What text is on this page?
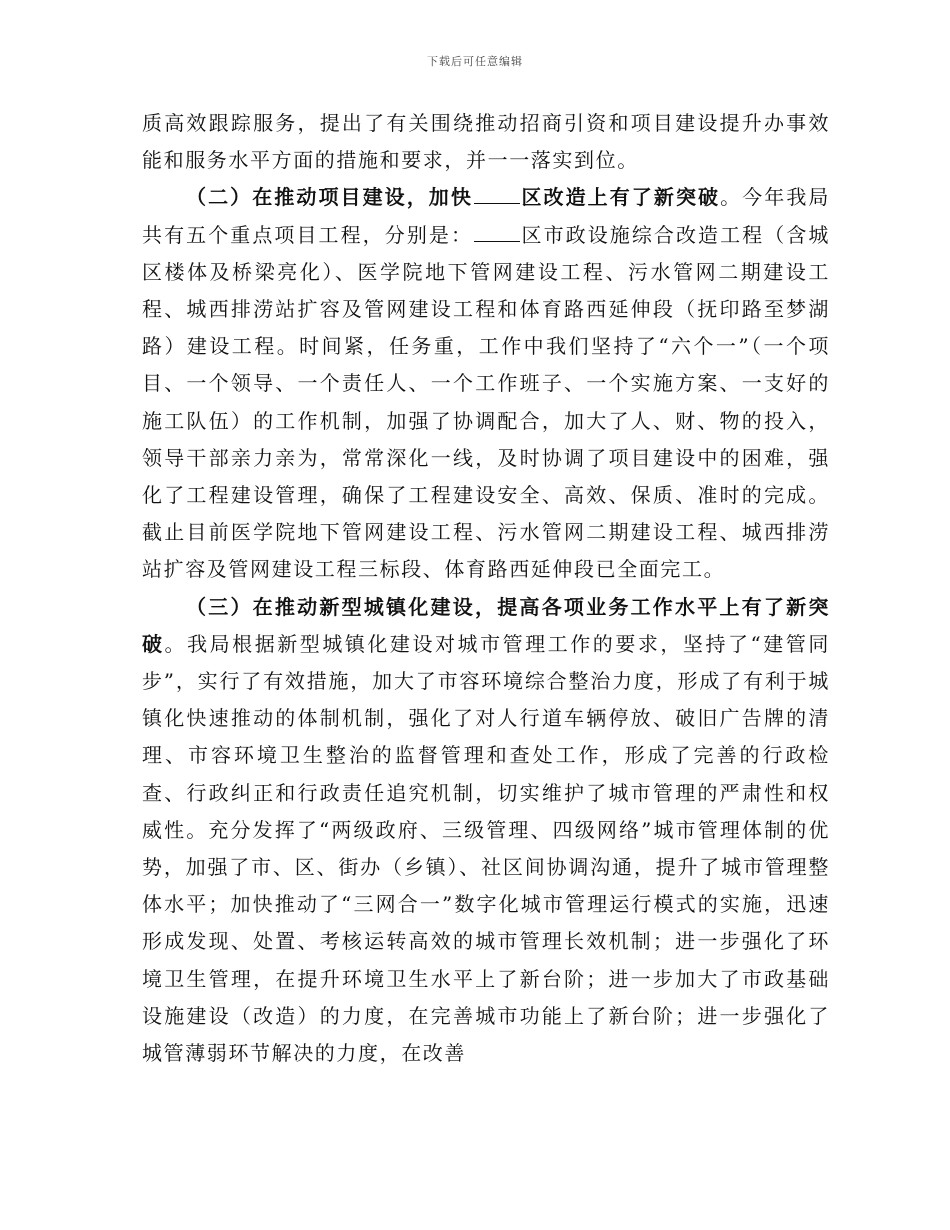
下载后可任意编辑

质高效跟踪服务，提出了有关围绕推动招商引资和项目建设提升办事效能和服务水平方面的措施和要求，并一一落实到位。

（二）在推动项目建设，加快 区改造上有了新突破。今年我局共有五个重点项目工程，分别是： 区市政设施综合改造工程（含城区楼体及桥梁亮化）、医学院地下管网建设工程、污水管网二期建设工程、城西排涝站扩容及管网建设工程和体育路西延伸段（抚印路至梦湖路）建设工程。时间紧，任务重，工作中我们坚持了“六个一”（一个项目、一个领导、一个责任人、一个工作班子、一个实施方案、一支好的施工队伍）的工作机制，加强了协调配合，加大了人、财、物的投入，领导干部亲力亲为，常常深化一线，及时协调了项目建设中的困难，强化了工程建设管理，确保了工程建设安全、高效、保质、准时的完成。截止目前医学院地下管网建设工程、污水管网二期建设工程、城西排涝站扩容及管网建设工程三标段、体育路西延伸段已全面完工。

（三）在推动新型城镇化建设，提高各项业务工作水平上有了新突破。我局根据新型城镇化建设对城市管理工作的要求，坚持了“建管同步”，实行了有效措施，加大了市容环境综合整治力度，形成了有利于城镇化快速推动的体制机制，强化了对人行道车辆停放、破旧广告牌的清理、市容环境卫生整治的监督管理和查处工作，形成了完善的行政检查、行政纠正和行政责任追究机制，切实维护了城市管理的严肃性和权威性。充分发挥了“两级政府、三级管理、四级网络”城市管理体制的优势，加强了市、区、街办（乡镇）、社区间协调沟通，提升了城市管理整体水平；加快推动了“三网合一”数字化城市管理运行模式的实施，迅速形成发现、处置、考核运转高效的城市管理长效机制；进一步强化了环境卫生管理，在提升环境卫生水平上了新台阶；进一步加大了市政基础设施建设（改造）的力度，在完善城市功能上了新台阶；进一步强化了城管薄弱环节解决的力度，在改善
